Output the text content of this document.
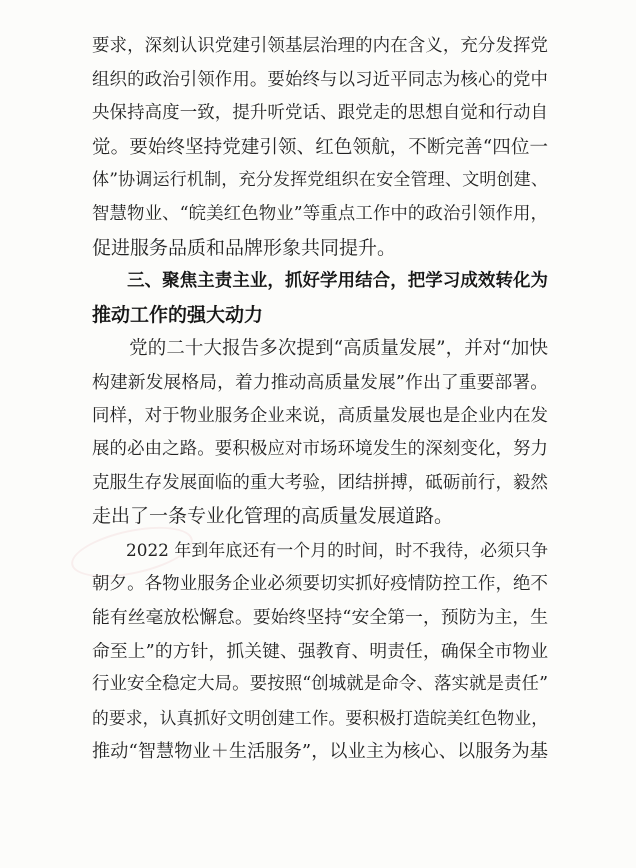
要求，深刻认识党建引领基层治理的内在含义，充分发挥党
组织的政治引领作用。要始终与以习近平同志为核心的党中
央保持高度一致，提升听党话、跟党走的思想自觉和行动自
觉。要始终坚持党建引领、红色领航，不断完善“四位一
体”协调运行机制，充分发挥党组织在安全管理、文明创建、
智慧物业、“皖美红色物业”等重点工作中的政治引领作用，
促进服务品质和品牌形象共同提升。
　　三、聚焦主责主业，抓好学用结合，把学习成效转化为
推动工作的强大动力
　　党的二十大报告多次提到“高质量发展”，并对“加快
构建新发展格局，着力推动高质量发展”作出了重要部署。
同样，对于物业服务企业来说，高质量发展也是企业内在发
展的必由之路。要积极应对市场环境发生的深刻变化，努力
克服生存发展面临的重大考验，团结拼搏，砥砺前行，毅然
走出了一条专业化管理的高质量发展道路。
　　2022 年到年底还有一个月的时间，时不我待，必须只争
朝夕。各物业服务企业必须要切实抓好疫情防控工作，绝不
能有丝毫放松懈怠。要始终坚持“安全第一，预防为主，生
命至上”的方针，抓关键、强教育、明责任，确保全市物业
行业安全稳定大局。要按照“创城就是命令、落实就是责任”
的要求，认真抓好文明创建工作。要积极打造皖美红色物业，
推动“智慧物业＋生活服务”，以业主为核心、以服务为基
